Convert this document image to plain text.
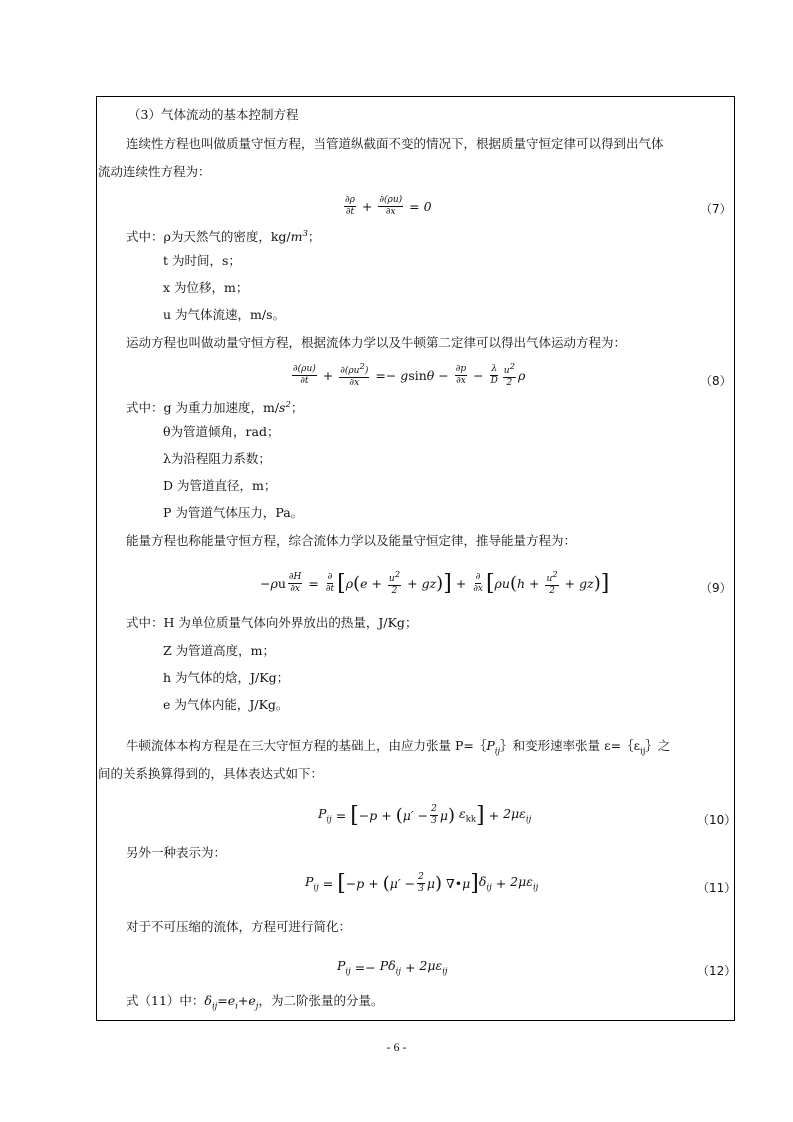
（3）气体流动的基本控制方程
连续性方程也叫做质量守恒方程，当管道纵截面不变的情况下，根据质量守恒定律可以得到出气体
流动连续性方程为：
$\frac{\partial\rho}{\partial t} + \frac{\partial(\rho u)}{\partial x} = 0$	（7）
式中：ρ为天然气的密度，$kg/m^3$；
t 为时间，s；
x 为位移，m；
u 为气体流速，m/s。
运动方程也叫做动量守恒方程，根据流体力学以及牛顿第二定律可以得出气体运动方程为：
$\frac{\partial(\rho u)}{\partial t} + \frac{\partial(\rho u^2)}{\partial x} =- g$ $\sin \theta - \frac{\partial p}{\partial x} - \frac{\lambda}{D} \frac{u^2}{2}$ ρ	（8）
式中：g 为重力加速度，$m/s^2$；
θ为管道倾角，rad；
λ为沿程阻力系数；
D 为管道直径，m；
P 为管道气体压力，Pa。
能量方程也称能量守恒方程，综合流体力学以及能量守恒定律，推导能量方程为：
−ρ u $\frac{\partial H}{\partial x} = \frac{\partial}{\partial t}$ [ ρ ( $e + \frac{u^2}{2}$ + gz ) ] + $\frac{\partial}{\partial x}$ [ ρu ( $h + \frac{u^2}{2}$ + gz ) ]	（9）
式中：H 为单位质量气体向外界放出的热量，J/Kg；
Z 为管道高度，m；
h 为气体的焓，J/Kg；
e 为气体内能，J/Kg。
牛顿流体本构方程是在三大守恒方程的基础上，由应力张量 $P=\{P_{ij}\}$和变形速率张量 $\varepsilon=\{\varepsilon_{ij}\}$之
间的关系换算得到的，具体表达式如下：
$P_{ij}$ = [ −p + ( $\mu' - \frac{2}{3}$ μ ) $\varepsilon_{kk}$ ] + $2\mu\varepsilon_{ij}$	（10）
另外一种表示为：
$P_{ij}$ = [ −p + ( $\mu' - \frac{2}{3}$ μ ) ∇• μ ] $\delta_{ij} + 2\mu\varepsilon_{ij}$	（11）
对于不可压缩的流体，方程可进行简化：
$P_{ij} =- P\delta_{ij} + 2\mu\varepsilon_{ij}$	（12）
式（11）中：$\delta_{ij}=e_i+e_j$，为二阶张量的分量。
- 6 -
